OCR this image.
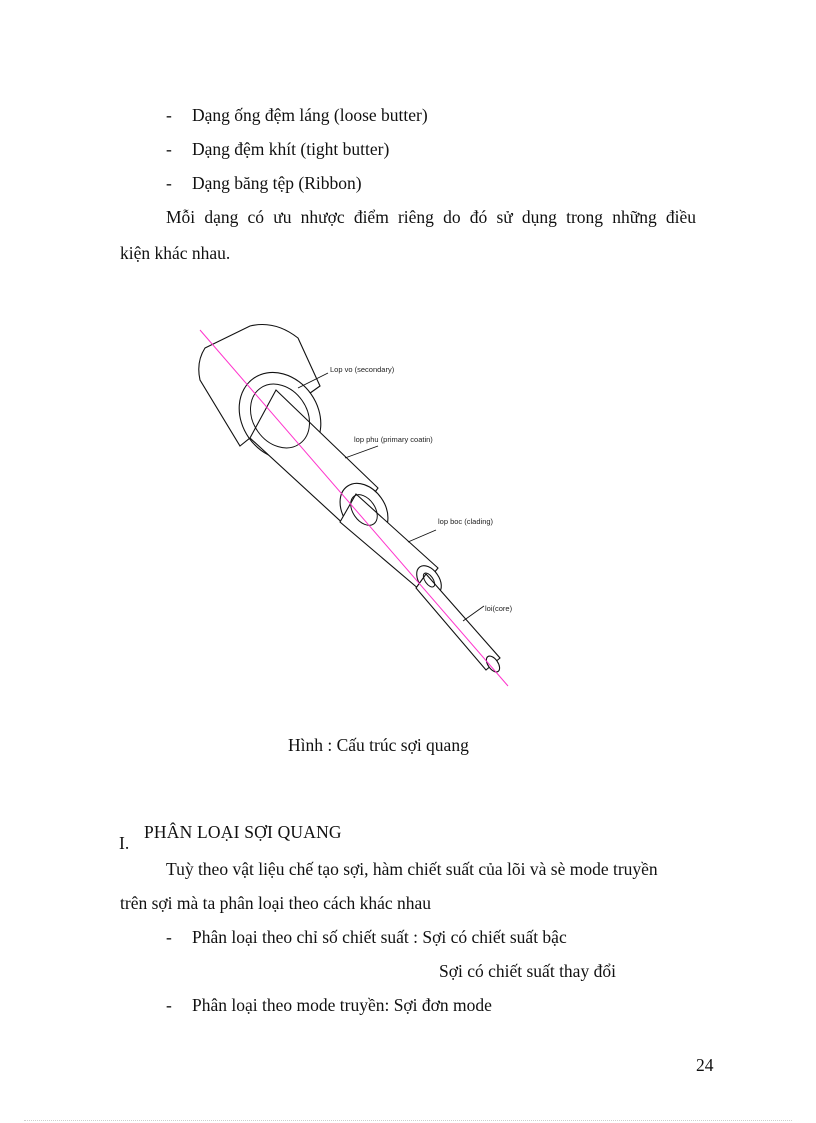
- Dạng ống đệm láng (loose butter)
- Dạng đệm khít (tight butter)
- Dạng băng tệp (Ribbon)
Mỗi dạng có ưu nhược điểm riêng do đó sử dụng trong những điều
kiện khác nhau.
Lop vo (secondary)
lop phu (primary coatin)
lop boc (clading)
loi(core)
Hình : Cấu trúc sợi quang
I.
PHÂN LOẠI SỢI QUANG
Tuỳ theo vật liệu chế tạo sợi, hàm chiết suất của lõi và sè mode truyền
trên sợi mà ta phân loại theo cách khác nhau
- Phân loại theo chỉ số chiết suất : Sợi có chiết suất bậc
Sợi có chiết suất thay đổi
- Phân loại theo mode truyền: Sợi đơn mode
24
